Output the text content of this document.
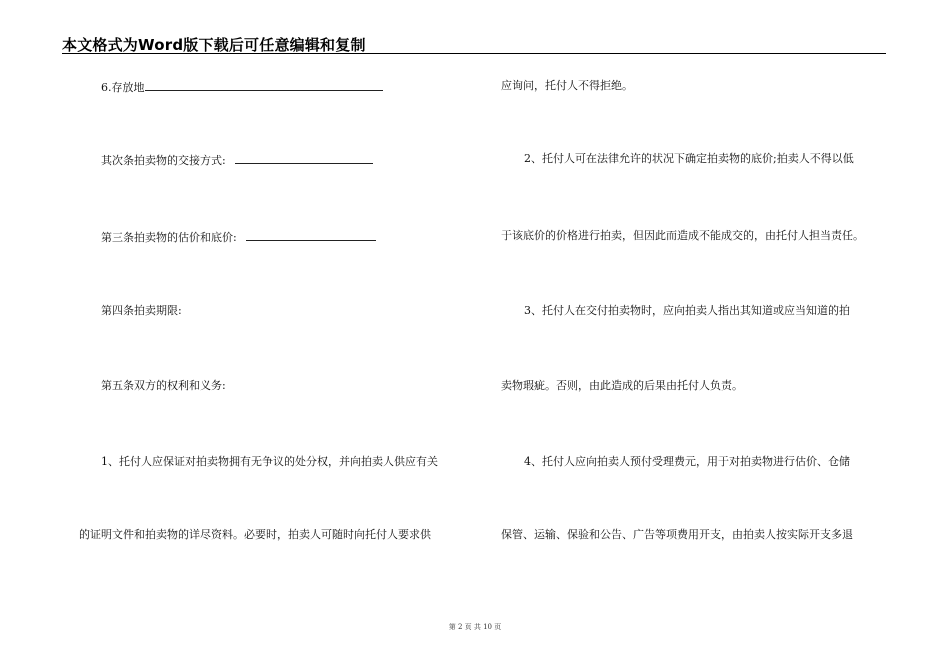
本文格式为Word版下载后可任意编辑和复制
6.存放地
其次条拍卖物的交接方式:
第三条拍卖物的估价和底价:
第四条拍卖期限:
第五条双方的权利和义务:
1、托付人应保证对拍卖物拥有无争议的处分权，并向拍卖人供应有关
的证明文件和拍卖物的详尽资料。必要时，拍卖人可随时向托付人要求供
应询问，托付人不得拒绝。
2、托付人可在法律允许的状况下确定拍卖物的底价;拍卖人不得以低
于该底价的价格进行拍卖，但因此而造成不能成交的，由托付人担当责任。
3、托付人在交付拍卖物时，应向拍卖人指出其知道或应当知道的拍
卖物瑕疵。否则，由此造成的后果由托付人负责。
4、托付人应向拍卖人预付受理费元，用于对拍卖物进行估价、仓储
保管、运输、保验和公告、广告等项费用开支，由拍卖人按实际开支多退
第 2 页 共 10 页
